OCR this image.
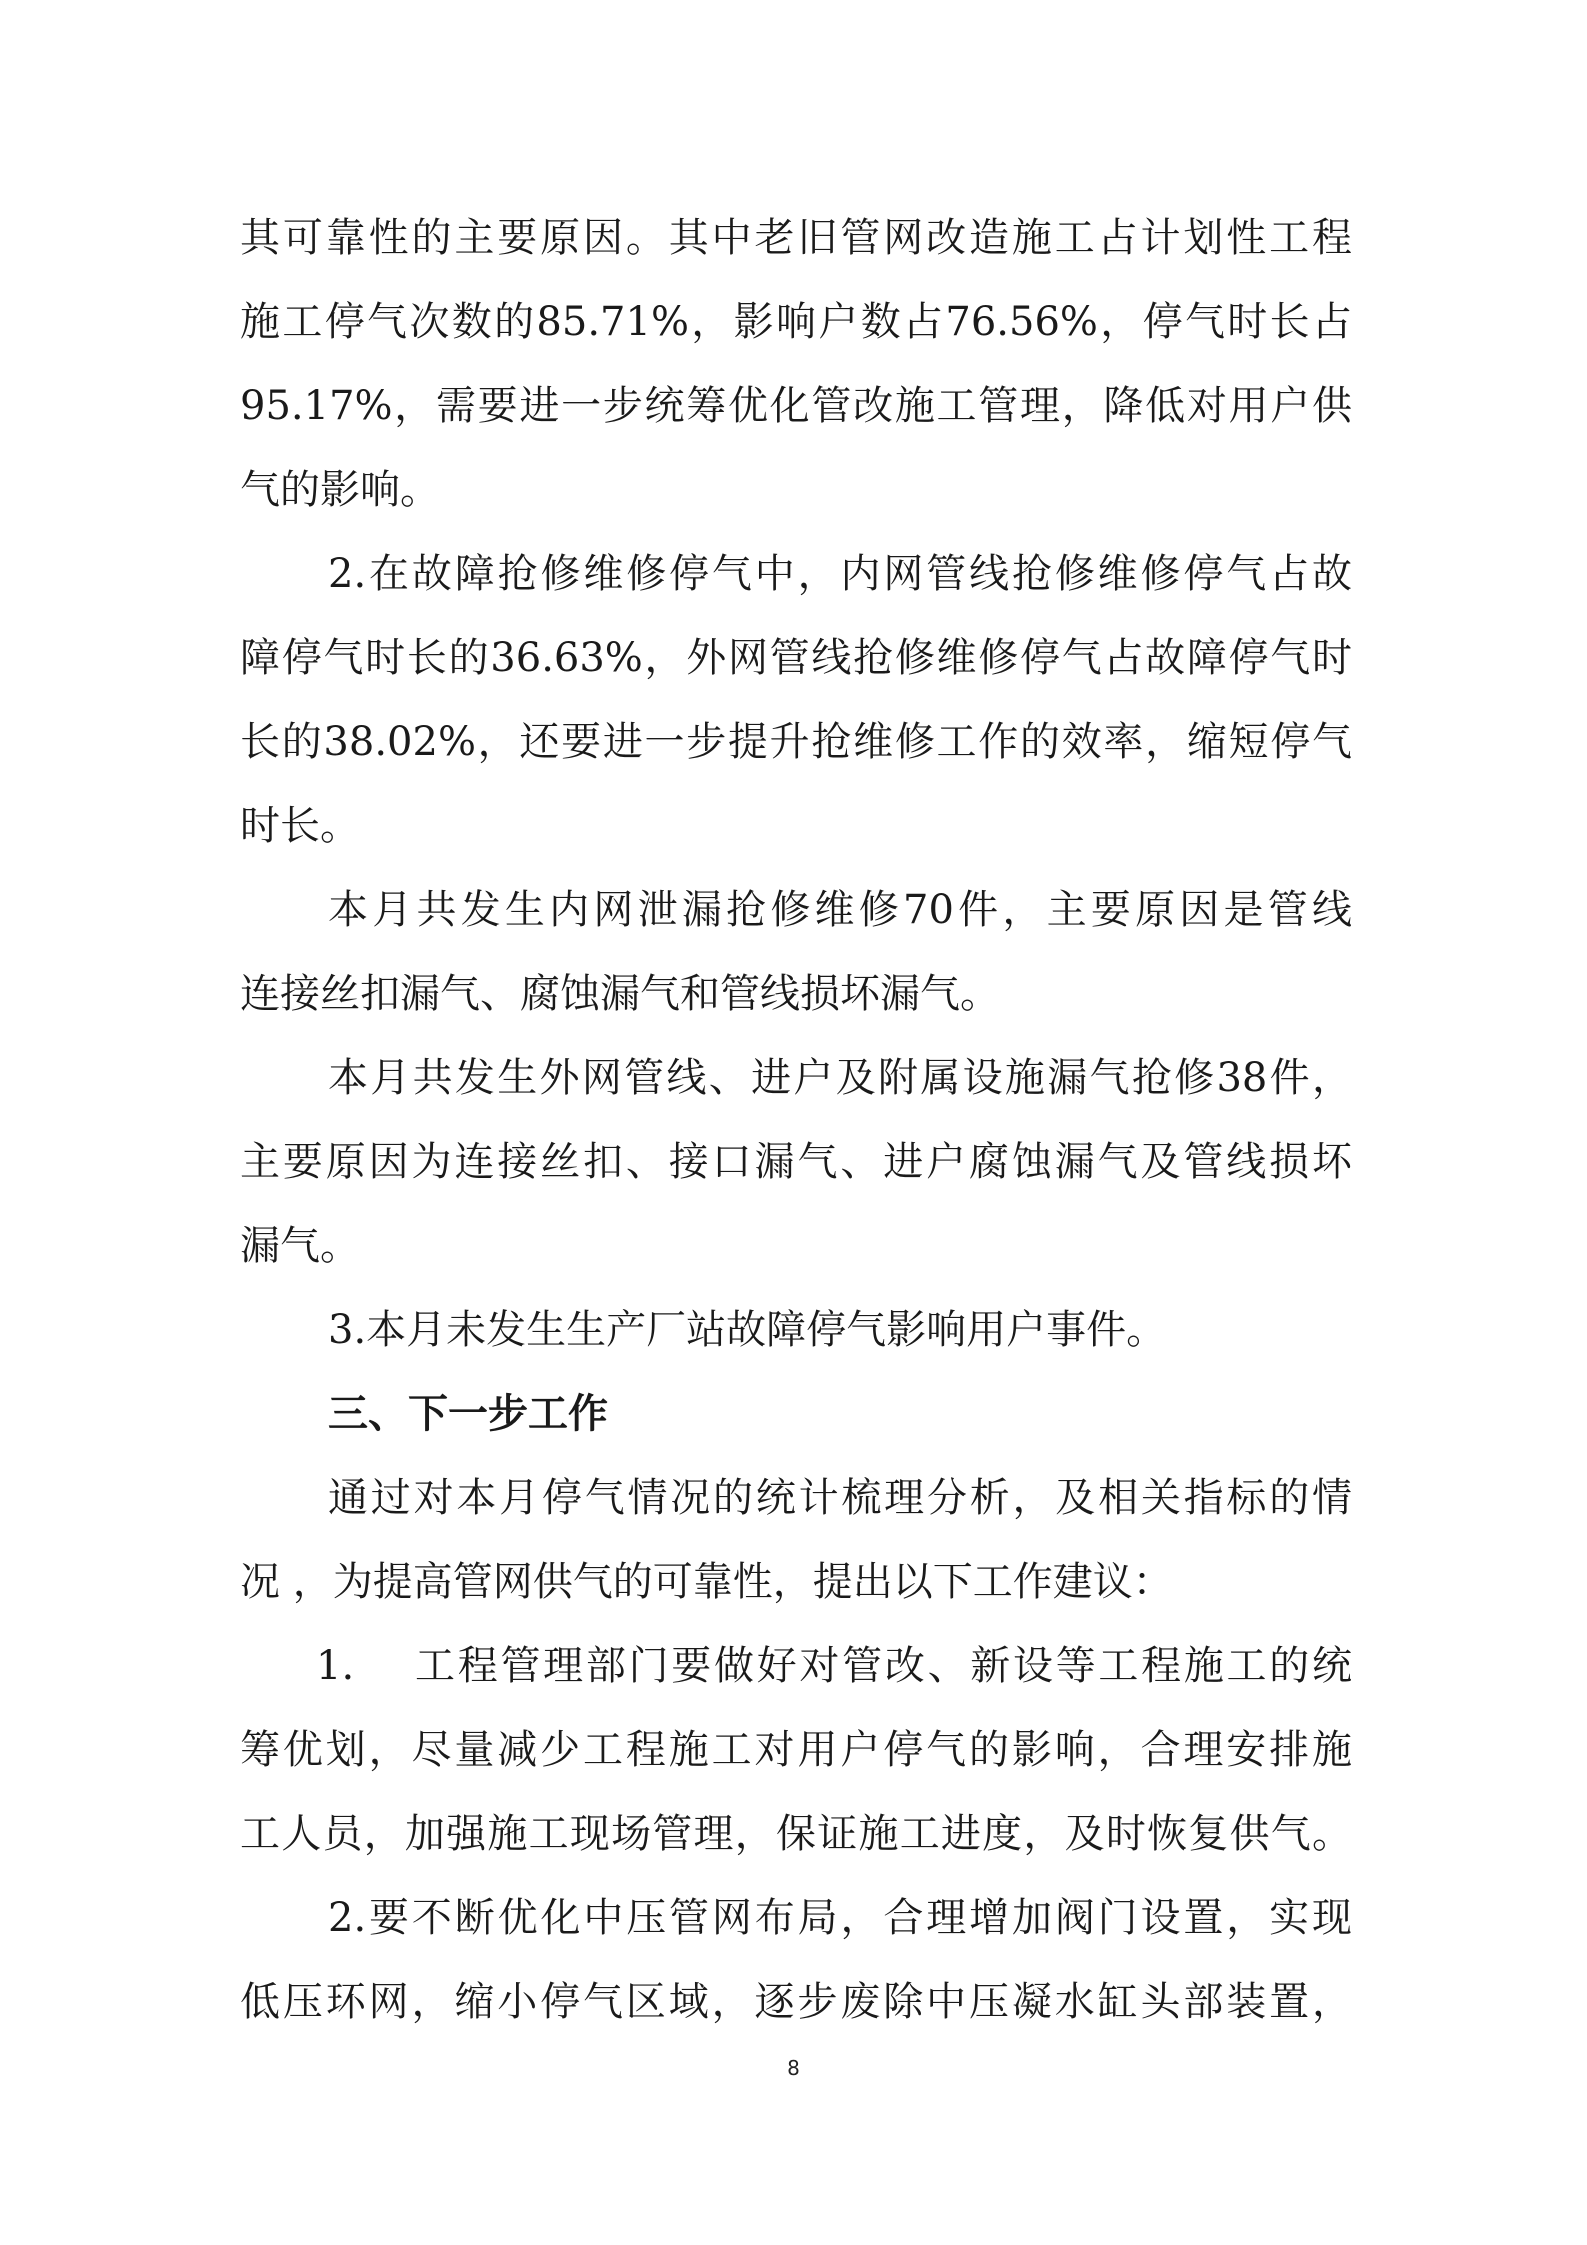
其可靠性的主要原因。其中老旧管网改造施工占计划性工程
施工停气次数的85.71%，影响户数占76.56%，停气时长占
95.17%，需要进一步统筹优化管改施工管理，降低对用户供
气的影响。
2.在故障抢修维修停气中，内网管线抢修维修停气占故
障停气时长的36.63%，外网管线抢修维修停气占故障停气时
长的38.02%，还要进一步提升抢维修工作的效率，缩短停气
时长。
本月共发生内网泄漏抢修维修70件，主要原因是管线
连接丝扣漏气、腐蚀漏气和管线损坏漏气。
本月共发生外网管线、进户及附属设施漏气抢修38件，
主要原因为连接丝扣、接口漏气、进户腐蚀漏气及管线损坏
漏气。
3.本月未发生生产厂站故障停气影响用户事件。
三、下一步工作
通过对本月停气情况的统计梳理分析，及相关指标的情
况 ，为提高管网供气的可靠性，提出以下工作建议：
1.　 工程管理部门要做好对管改、新设等工程施工的统
筹优划，尽量减少工程施工对用户停气的影响，合理安排施
工人员，加强施工现场管理，保证施工进度，及时恢复供气。
2.要不断优化中压管网布局，合理增加阀门设置，实现
低压环网，缩小停气区域，逐步废除中压凝水缸头部装置，
8
